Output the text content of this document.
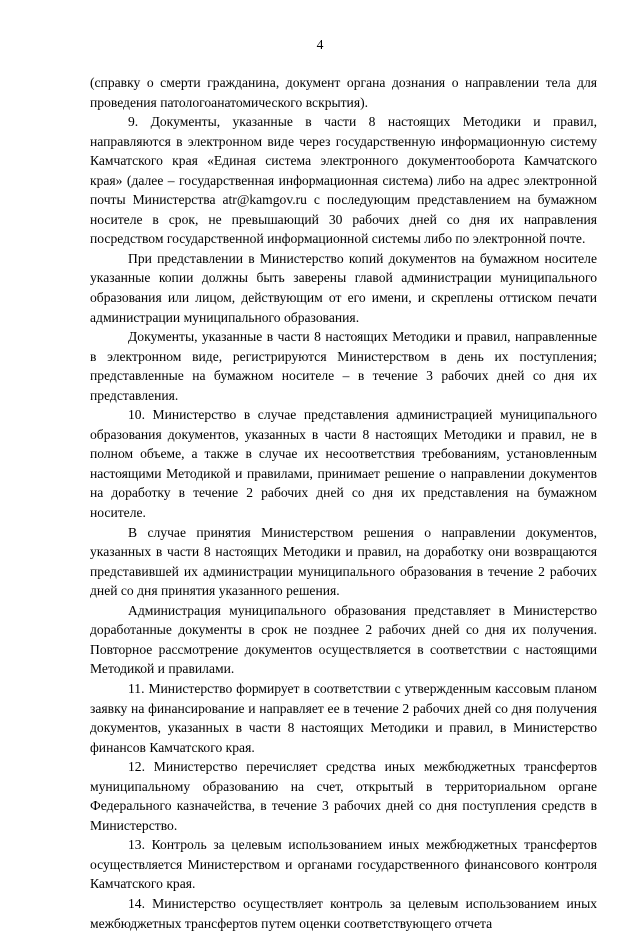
4

(справку о смерти гражданина, документ органа дознания о направлении тела для проведения патологоанатомического вскрытия).

9. Документы, указанные в части 8 настоящих Методики и правил, направляются в электронном виде через государственную информационную систему Камчатского края «Единая система электронного документооборота Камчатского края» (далее – государственная информационная система) либо на адрес электронной почты Министерства atr@kamgov.ru с последующим представлением на бумажном носителе в срок, не превышающий 30 рабочих дней со дня их направления посредством государственной информационной системы либо по электронной почте.

При представлении в Министерство копий документов на бумажном носителе указанные копии должны быть заверены главой администрации муниципального образования или лицом, действующим от его имени, и скреплены оттиском печати администрации муниципального образования.

Документы, указанные в части 8 настоящих Методики и правил, направленные в электронном виде, регистрируются Министерством в день их поступления; представленные на бумажном носителе – в течение 3 рабочих дней со дня их представления.

10. Министерство в случае представления администрацией муниципального образования документов, указанных в части 8 настоящих Методики и правил, не в полном объеме, а также в случае их несоответствия требованиям, установленным настоящими Методикой и правилами, принимает решение о направлении документов на доработку в течение 2 рабочих дней со дня их представления на бумажном носителе.

В случае принятия Министерством решения о направлении документов, указанных в части 8 настоящих Методики и правил, на доработку они возвращаются представившей их администрации муниципального образования в течение 2 рабочих дней со дня принятия указанного решения.

Администрация муниципального образования представляет в Министерство доработанные документы в срок не позднее 2 рабочих дней со дня их получения. Повторное рассмотрение документов осуществляется в соответствии с настоящими Методикой и правилами.

11. Министерство формирует в соответствии с утвержденным кассовым планом заявку на финансирование и направляет ее в течение 2 рабочих дней со дня получения документов, указанных в части 8 настоящих Методики и правил, в Министерство финансов Камчатского края.

12. Министерство перечисляет средства иных межбюджетных трансфертов муниципальному образованию на счет, открытый в территориальном органе Федерального казначейства, в течение 3 рабочих дней со дня поступления средств в Министерство.

13. Контроль за целевым использованием иных межбюджетных трансфертов осуществляется Министерством и органами государственного финансового контроля Камчатского края.

14. Министерство осуществляет контроль за целевым использованием иных межбюджетных трансфертов путем оценки соответствующего отчета
